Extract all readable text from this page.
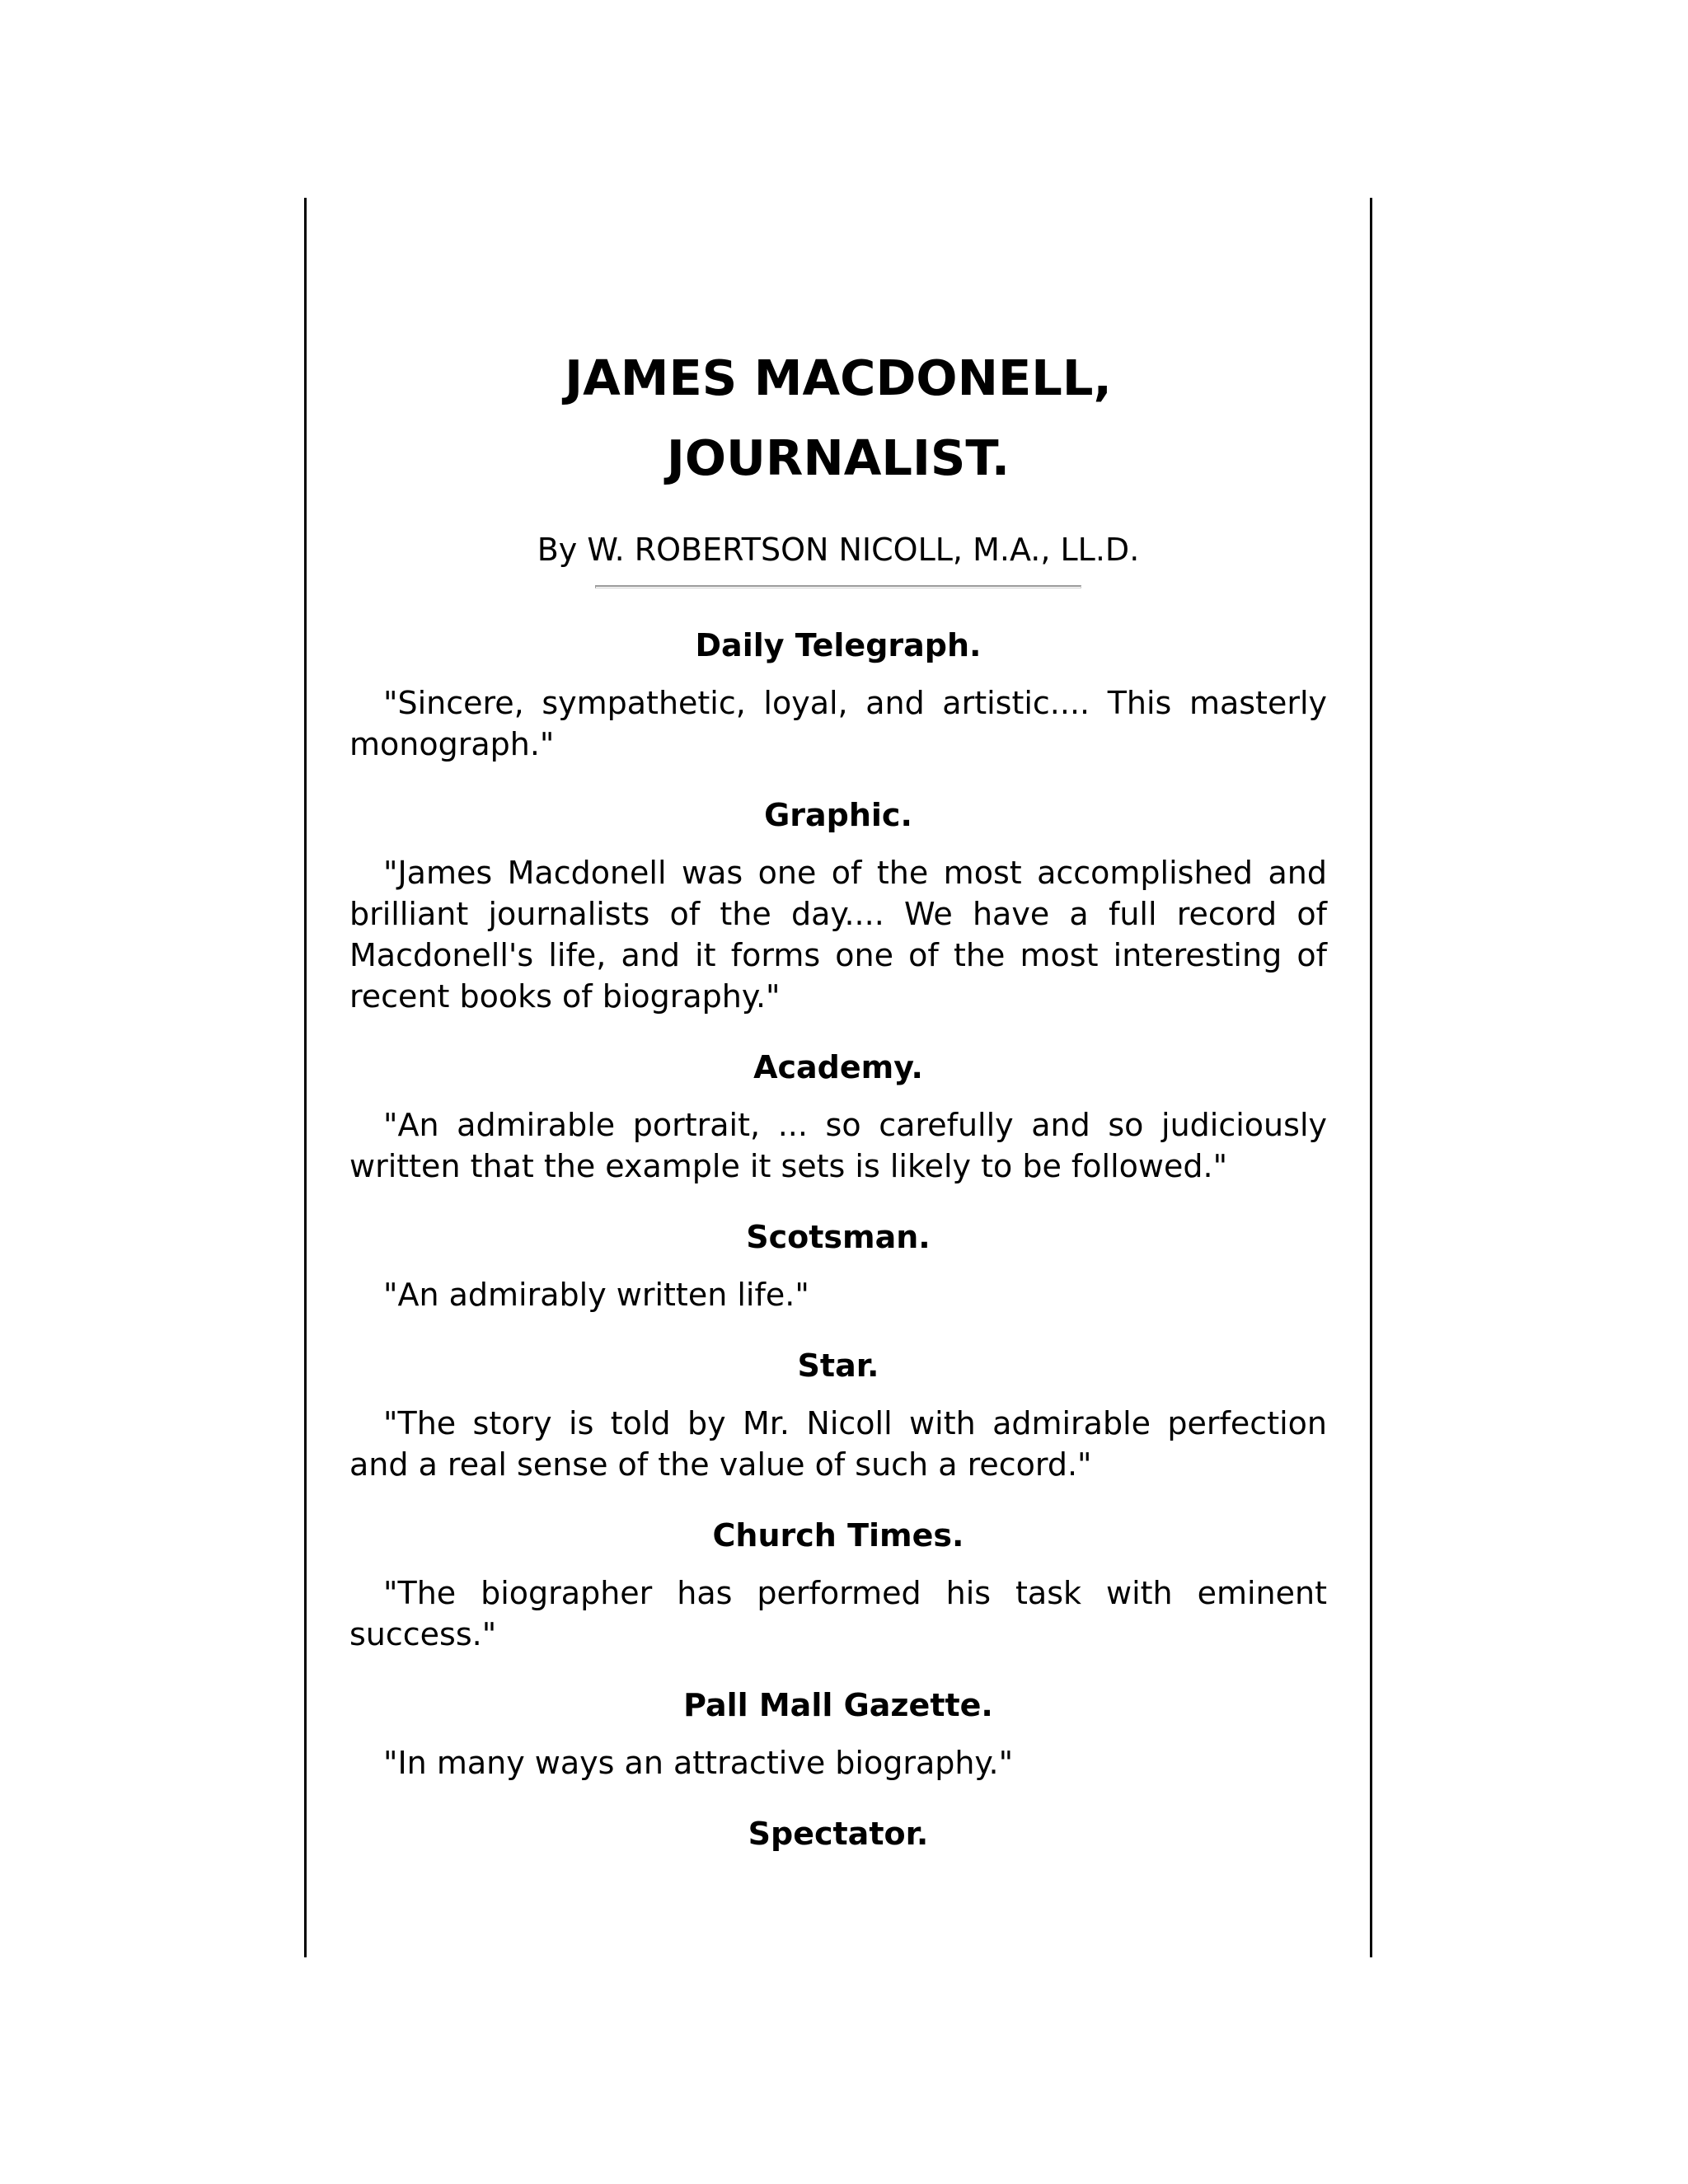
JAMES MACDONELL,
JOURNALIST.

By W. ROBERTSON NICOLL, M.A., LL.D.

Daily Telegraph.

"Sincere, sympathetic, loyal, and artistic.... This masterly monograph."

Graphic.

"James Macdonell was one of the most accomplished and brilliant journalists of the day.... We have a full record of Macdonell's life, and it forms one of the most interesting of recent books of biography."

Academy.

"An admirable portrait, ... so carefully and so judiciously written that the example it sets is likely to be followed."

Scotsman.

"An admirably written life."

Star.

"The story is told by Mr. Nicoll with admirable perfection and a real sense of the value of such a record."

Church Times.

"The biographer has performed his task with eminent success."

Pall Mall Gazette.

"In many ways an attractive biography."

Spectator.
